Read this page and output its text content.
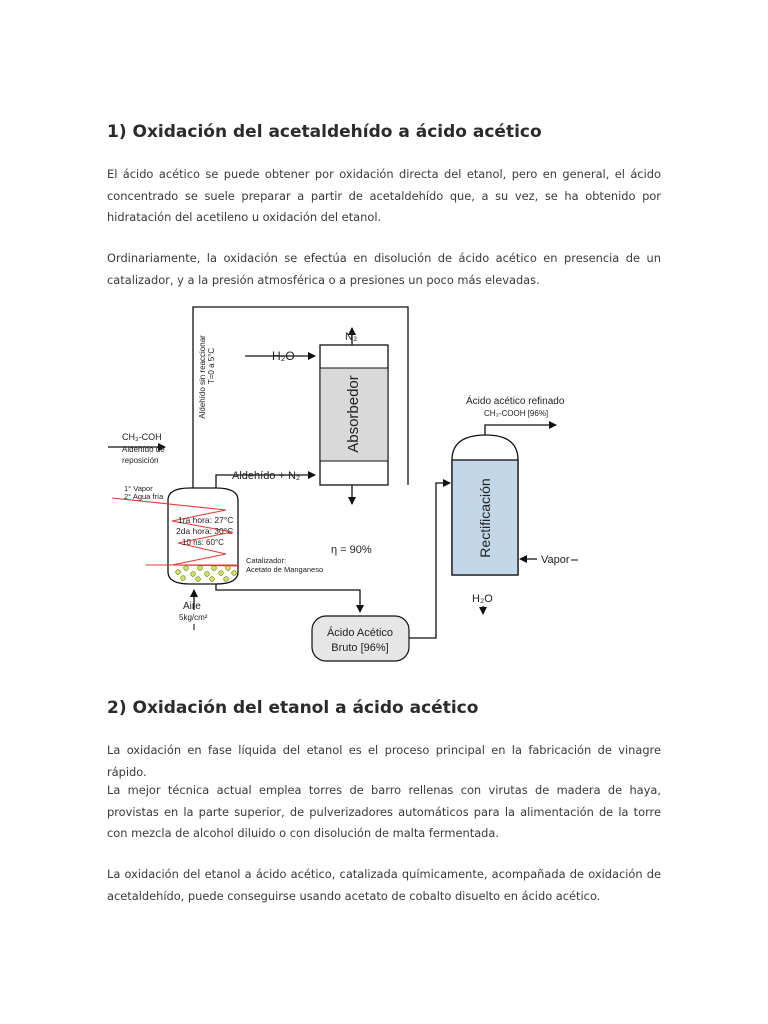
1) Oxidación del acetaldehído a ácido acético

El ácido acético se puede obtener por oxidación directa del etanol, pero en general, el ácido concentrado se suele preparar a partir de acetaldehído que, a su vez, se ha obtenido por hidratación del acetileno u oxidación del etanol.

Ordinariamente, la oxidación se efectúa en disolución de ácido acético en presencia de un catalizador, y a la presión atmosférica o a presiones un poco más elevadas.

N₂
H₂O
Absorbedor
Aldehído sin reaccionar T=0 a 5°C
CH₃-COH
Aldehído de
reposición
Aldehído + N₂
1° Vapor
2° Agua fría
1ra hora: 27°C
2da hora: 30°C
10 hs: 60°C
Catalizador:
Acetato de Manganeso
η = 90%
Aire
5kg/cm²
Ácido Acético
Bruto [96%]
Rectificación
Ácido acético refinado
CH₃-COOH [96%]
Vapor
H₂O
2) Oxidación del etanol a ácido acético

La oxidación en fase líquida del etanol es el proceso principal en la fabricación de vinagre rápido.

La mejor técnica actual emplea torres de barro rellenas con virutas de madera de haya, provistas en la parte superior, de pulverizadores automáticos para la alimentación de la torre con mezcla de alcohol diluido o con disolución de malta fermentada.

La oxidación del etanol a ácido acético, catalizada químicamente, acompañada de oxidación de acetaldehído, puede conseguirse usando acetato de cobalto disuelto en ácido acético.
